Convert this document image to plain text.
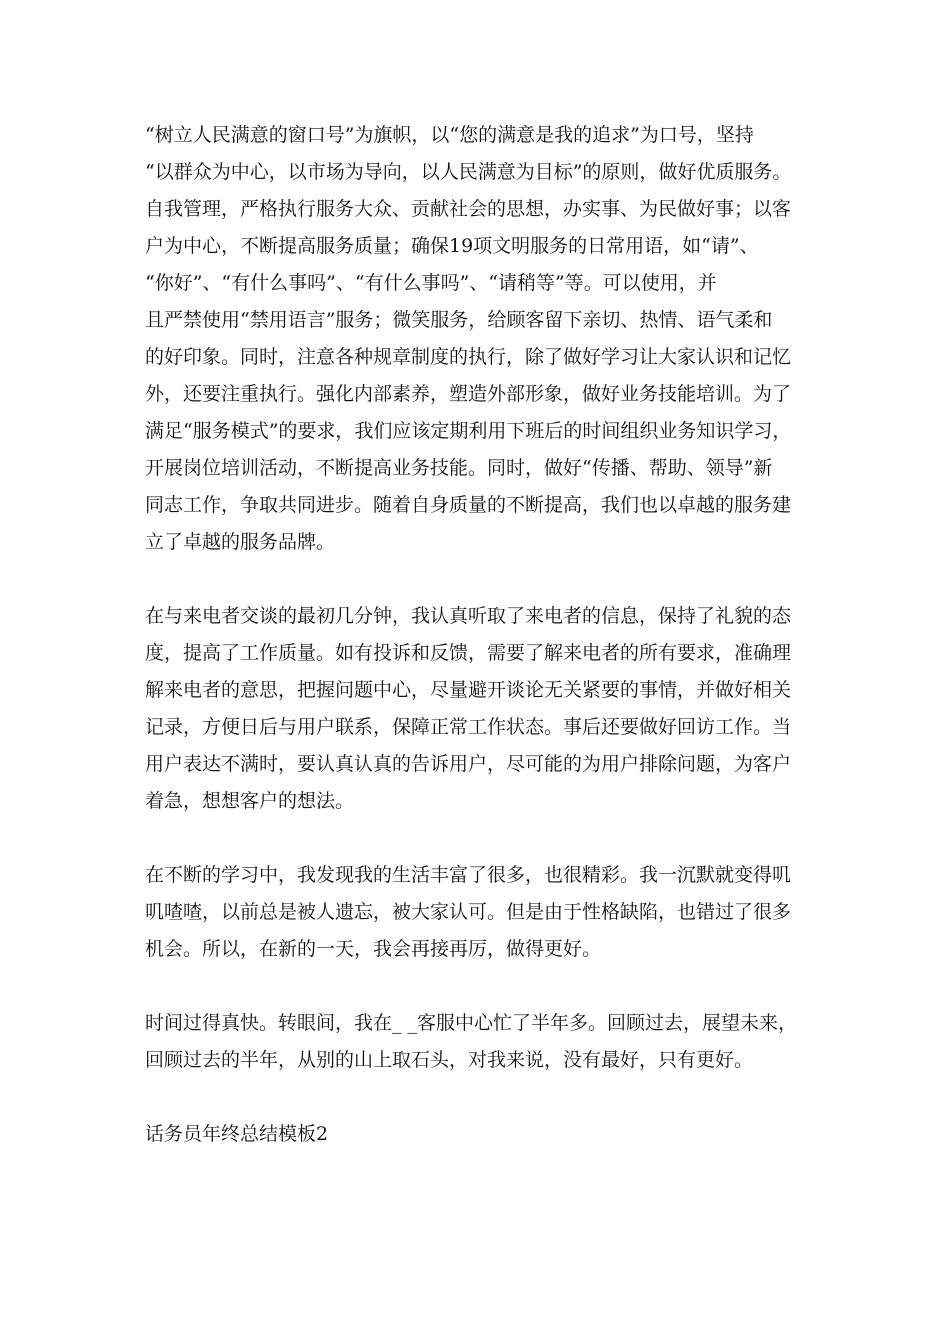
“树立人民满意的窗口号”为旗帜，以“您的满意是我的追求”为口号，坚持
“以群众为中心，以市场为导向，以人民满意为目标”的原则，做好优质服务。
自我管理，严格执行服务大众、贡献社会的思想，办实事、为民做好事；以客
户为中心，不断提高服务质量；确保19项文明服务的日常用语，如“请”、
“你好”、“有什么事吗”、“有什么事吗”、“请稍等”等。可以使用，并
且严禁使用“禁用语言”服务；微笑服务，给顾客留下亲切、热情、语气柔和
的好印象。同时，注意各种规章制度的执行，除了做好学习让大家认识和记忆
外，还要注重执行。强化内部素养，塑造外部形象，做好业务技能培训。为了
满足“服务模式”的要求，我们应该定期利用下班后的时间组织业务知识学习，
开展岗位培训活动，不断提高业务技能。同时，做好“传播、帮助、领导”新
同志工作，争取共同进步。随着自身质量的不断提高，我们也以卓越的服务建
立了卓越的服务品牌。

在与来电者交谈的最初几分钟，我认真听取了来电者的信息，保持了礼貌的态
度，提高了工作质量。如有投诉和反馈，需要了解来电者的所有要求，准确理
解来电者的意思，把握问题中心，尽量避开谈论无关紧要的事情，并做好相关
记录，方便日后与用户联系，保障正常工作状态。事后还要做好回访工作。当
用户表达不满时，要认真认真的告诉用户，尽可能的为用户排除问题，为客户
着急，想想客户的想法。

在不断的学习中，我发现我的生活丰富了很多，也很精彩。我一沉默就变得叽
叽喳喳，以前总是被人遗忘，被大家认可。但是由于性格缺陷，也错过了很多
机会。所以，在新的一天，我会再接再厉，做得更好。

时间过得真快。转眼间，我在_ _客服中心忙了半年多。回顾过去，展望未来，
回顾过去的半年，从别的山上取石头，对我来说，没有最好，只有更好。

话务员年终总结模板2
